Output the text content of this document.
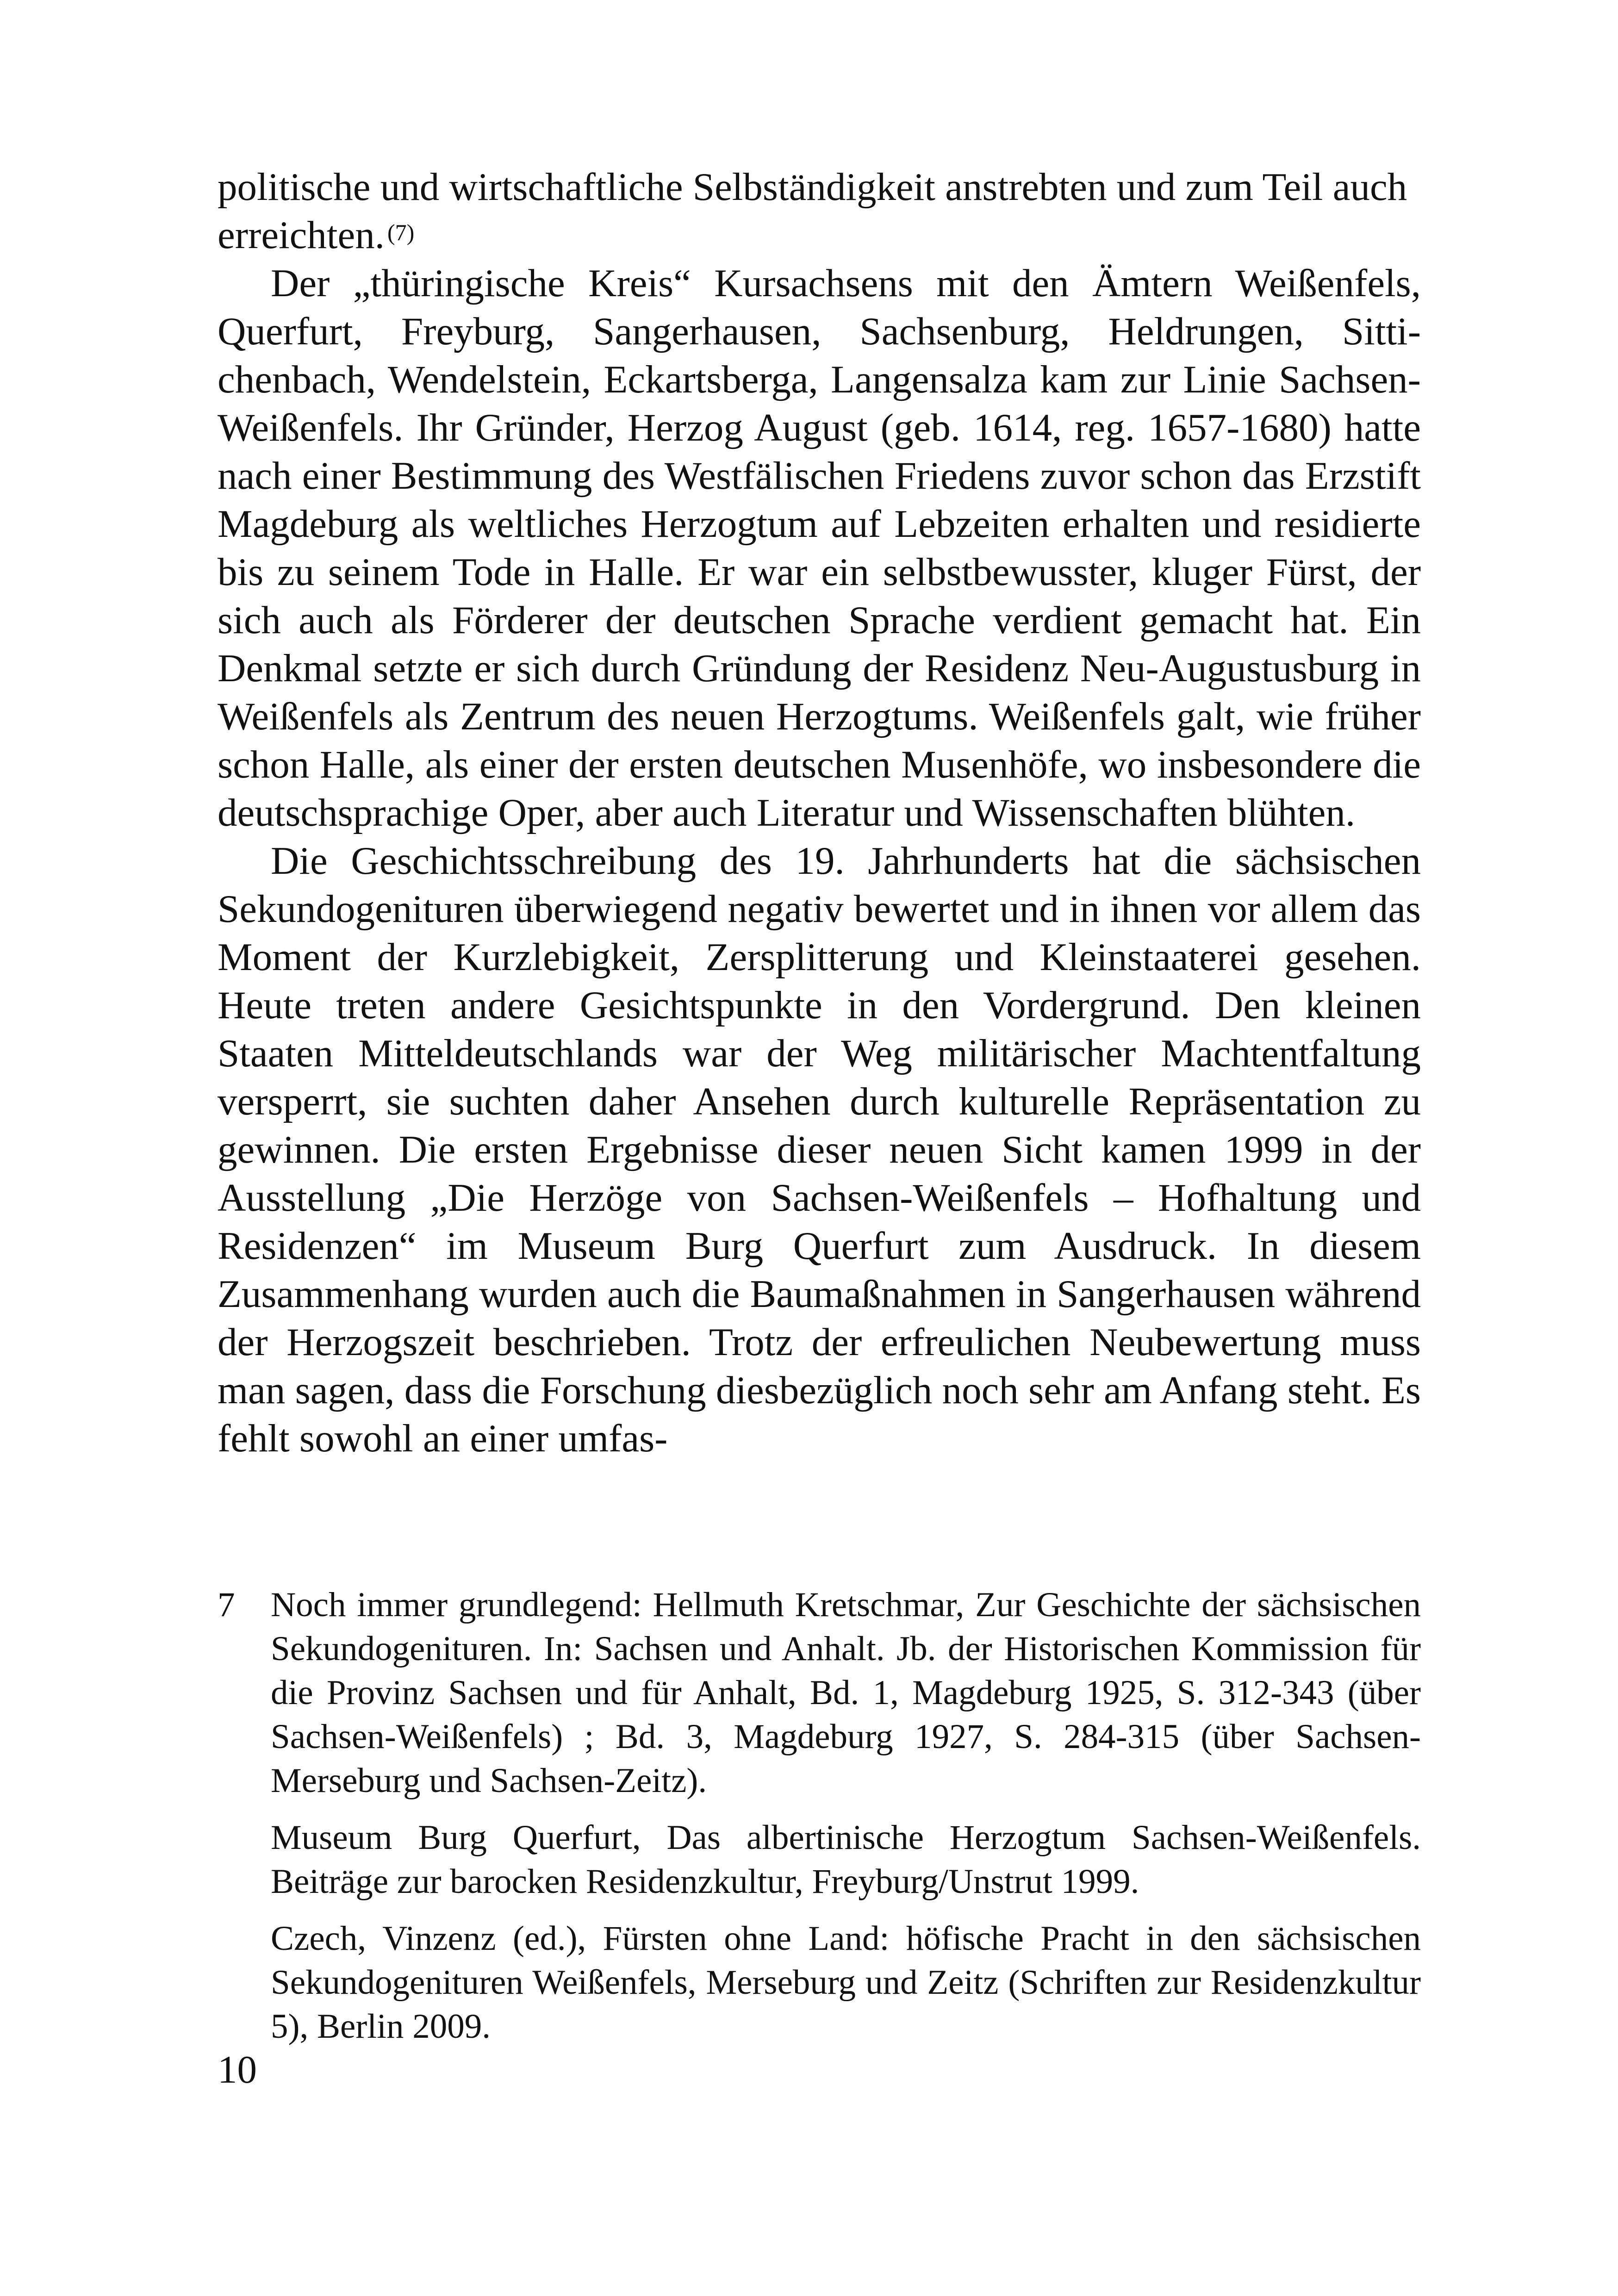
politische und wirtschaftliche Selbständigkeit anstrebten und zum Teil auch erreichten. $^{(7)}$

Der „thüringische Kreis“ Kursachsens mit den Ämtern Weißenfels, Querfurt, Freyburg, Sangerhausen, Sachsenburg, Heldrungen, Sittichenbach, Wendelstein, Eckartsberga, Langensalza kam zur Linie Sachsen-Weißenfels. Ihr Gründer, Herzog August (geb. 1614, reg. 1657-1680) hatte nach einer Bestimmung des Westfälischen Friedens zuvor schon das Erzstift Magdeburg als weltliches Herzogtum auf Lebzeiten erhalten und residierte bis zu seinem Tode in Halle. Er war ein selbstbewusster, kluger Fürst, der sich auch als Förderer der deutschen Sprache verdient gemacht hat. Ein Denkmal setzte er sich durch Gründung der Residenz Neu-Augustusburg in Weißenfels als Zentrum des neuen Herzogtums. Weißenfels galt, wie früher schon Halle, als einer der ersten deutschen Musenhöfe, wo insbesondere die deutschsprachige Oper, aber auch Literatur und Wissenschaften blühten.

Die Geschichtsschreibung des 19. Jahrhunderts hat die sächsischen Sekundogenituren überwiegend negativ bewertet und in ihnen vor allem das Moment der Kurzlebigkeit, Zersplitterung und Kleinstaaterei gesehen. Heute treten andere Gesichtspunkte in den Vordergrund. Den kleinen Staaten Mitteldeutschlands war der Weg militärischer Machtentfaltung versperrt, sie suchten daher Ansehen durch kulturelle Repräsentation zu gewinnen. Die ersten Ergebnisse dieser neuen Sicht kamen 1999 in der Ausstellung „Die Herzöge von Sachsen-Weißenfels – Hofhaltung und Residenzen“ im Museum Burg Querfurt zum Ausdruck. In diesem Zusammenhang wurden auch die Baumaßnahmen in Sangerhausen während der Herzogszeit beschrieben. Trotz der erfreulichen Neubewertung muss man sagen, dass die Forschung diesbezüglich noch sehr am Anfang steht. Es fehlt sowohl an einer umfas-

7 Noch immer grundlegend: Hellmuth Kretschmar, Zur Geschichte der sächsischen Sekundogenituren. In: Sachsen und Anhalt. Jb. der Historischen Kommission für die Provinz Sachsen und für Anhalt, Bd. 1, Magdeburg 1925, S. 312-343 (über Sachsen-Weißenfels) ; Bd. 3, Magdeburg 1927, S. 284-315 (über Sachsen-Merseburg und Sachsen-Zeitz).
Museum Burg Querfurt, Das albertinische Herzogtum Sachsen-Weißenfels. Beiträge zur barocken Residenzkultur, Freyburg/Unstrut 1999.
Czech, Vinzenz (ed.), Fürsten ohne Land: höfische Pracht in den sächsischen Sekundogenituren Weißenfels, Merseburg und Zeitz (Schriften zur Residenzkultur 5), Berlin 2009.
10
